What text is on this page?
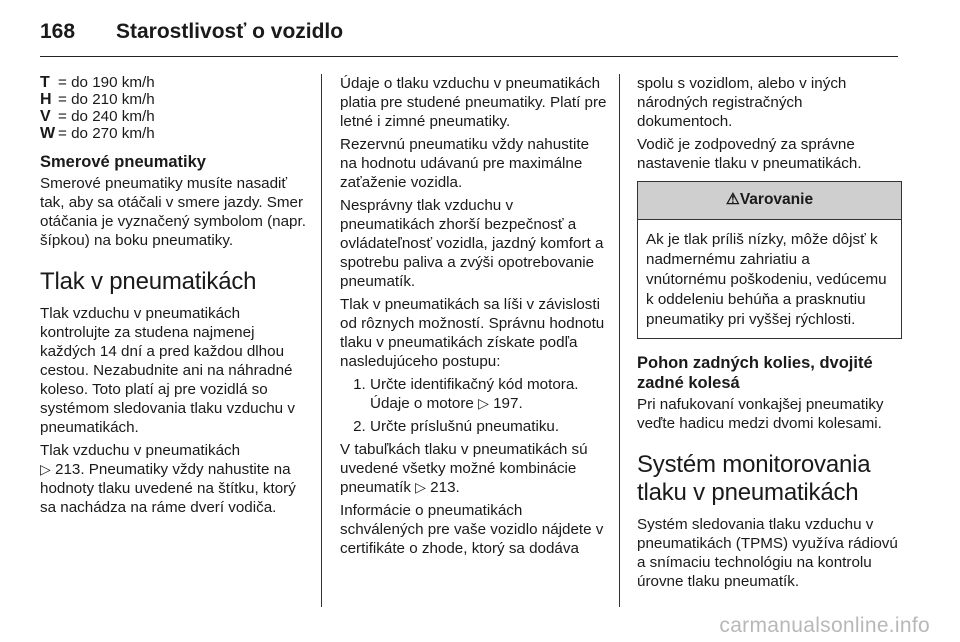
168	Starostlivosť o vozidlo
T = do 190 km/h
H = do 210 km/h
V = do 240 km/h
W = do 270 km/h
Smerové pneumatiky

Smerové pneumatiky musíte nasadiť tak, aby sa otáčali v smere jazdy. Smer otáčania je vyznačený symbolom (napr. šípkou) na boku pneumatiky.

Tlak v pneumatikách

Tlak vzduchu v pneumatikách kontrolujte za studena najmenej každých 14 dní a pred každou dlhou cestou. Nezabudnite ani na náhradné koleso. Toto platí aj pre vozidlá so systémom sledovania tlaku vzduchu v pneumatikách.

Tlak vzduchu v pneumatikách
▷ 213. Pneumatiky vždy nahustite na hodnoty tlaku uvedené na štítku, ktorý sa nachádza na ráme dverí vodiča.

Údaje o tlaku vzduchu v pneumatikách platia pre studené pneumatiky. Platí pre letné i zimné pneumatiky.

Rezervnú pneumatiku vždy nahustite na hodnotu udávanú pre maximálne zaťaženie vozidla.

Nesprávny tlak vzduchu v pneumatikách zhorší bezpečnosť a ovládateľnosť vozidla, jazdný komfort a spotrebu paliva a zvýši opotrebovanie pneumatík.

Tlak v pneumatikách sa líši v závislosti od rôznych možností. Správnu hodnotu tlaku v pneumatikách získate podľa nasledujúceho postupu:

1. Určte identifikačný kód motora. Údaje o motore ▷ 197.
2. Určte príslušnú pneumatiku.

V tabuľkách tlaku v pneumatikách sú uvedené všetky možné kombinácie pneumatík ▷ 213.

Informácie o pneumatikách schválených pre vaše vozidlo nájdete v certifikáte o zhode, ktorý sa dodáva

spolu s vozidlom, alebo v iných národných registračných dokumentoch.

Vodič je zodpovedný za správne nastavenie tlaku v pneumatikách.

⚠Varovanie
Ak je tlak príliš nízky, môže dôjsť k nadmernému zahriatiu a vnútornému poškodeniu, vedúcemu k oddeleniu behúňa a prasknutiu pneumatiky pri vyššej rýchlosti.
Pohon zadných kolies, dvojité zadné kolesá

Pri nafukovaní vonkajšej pneumatiky veďte hadicu medzi dvomi kolesami.

Systém monitorovania tlaku v pneumatikách

Systém sledovania tlaku vzduchu v pneumatikách (TPMS) využíva rádiovú a snímaciu technológiu na kontrolu úrovne tlaku pneumatík.

carmanualsonline.info
